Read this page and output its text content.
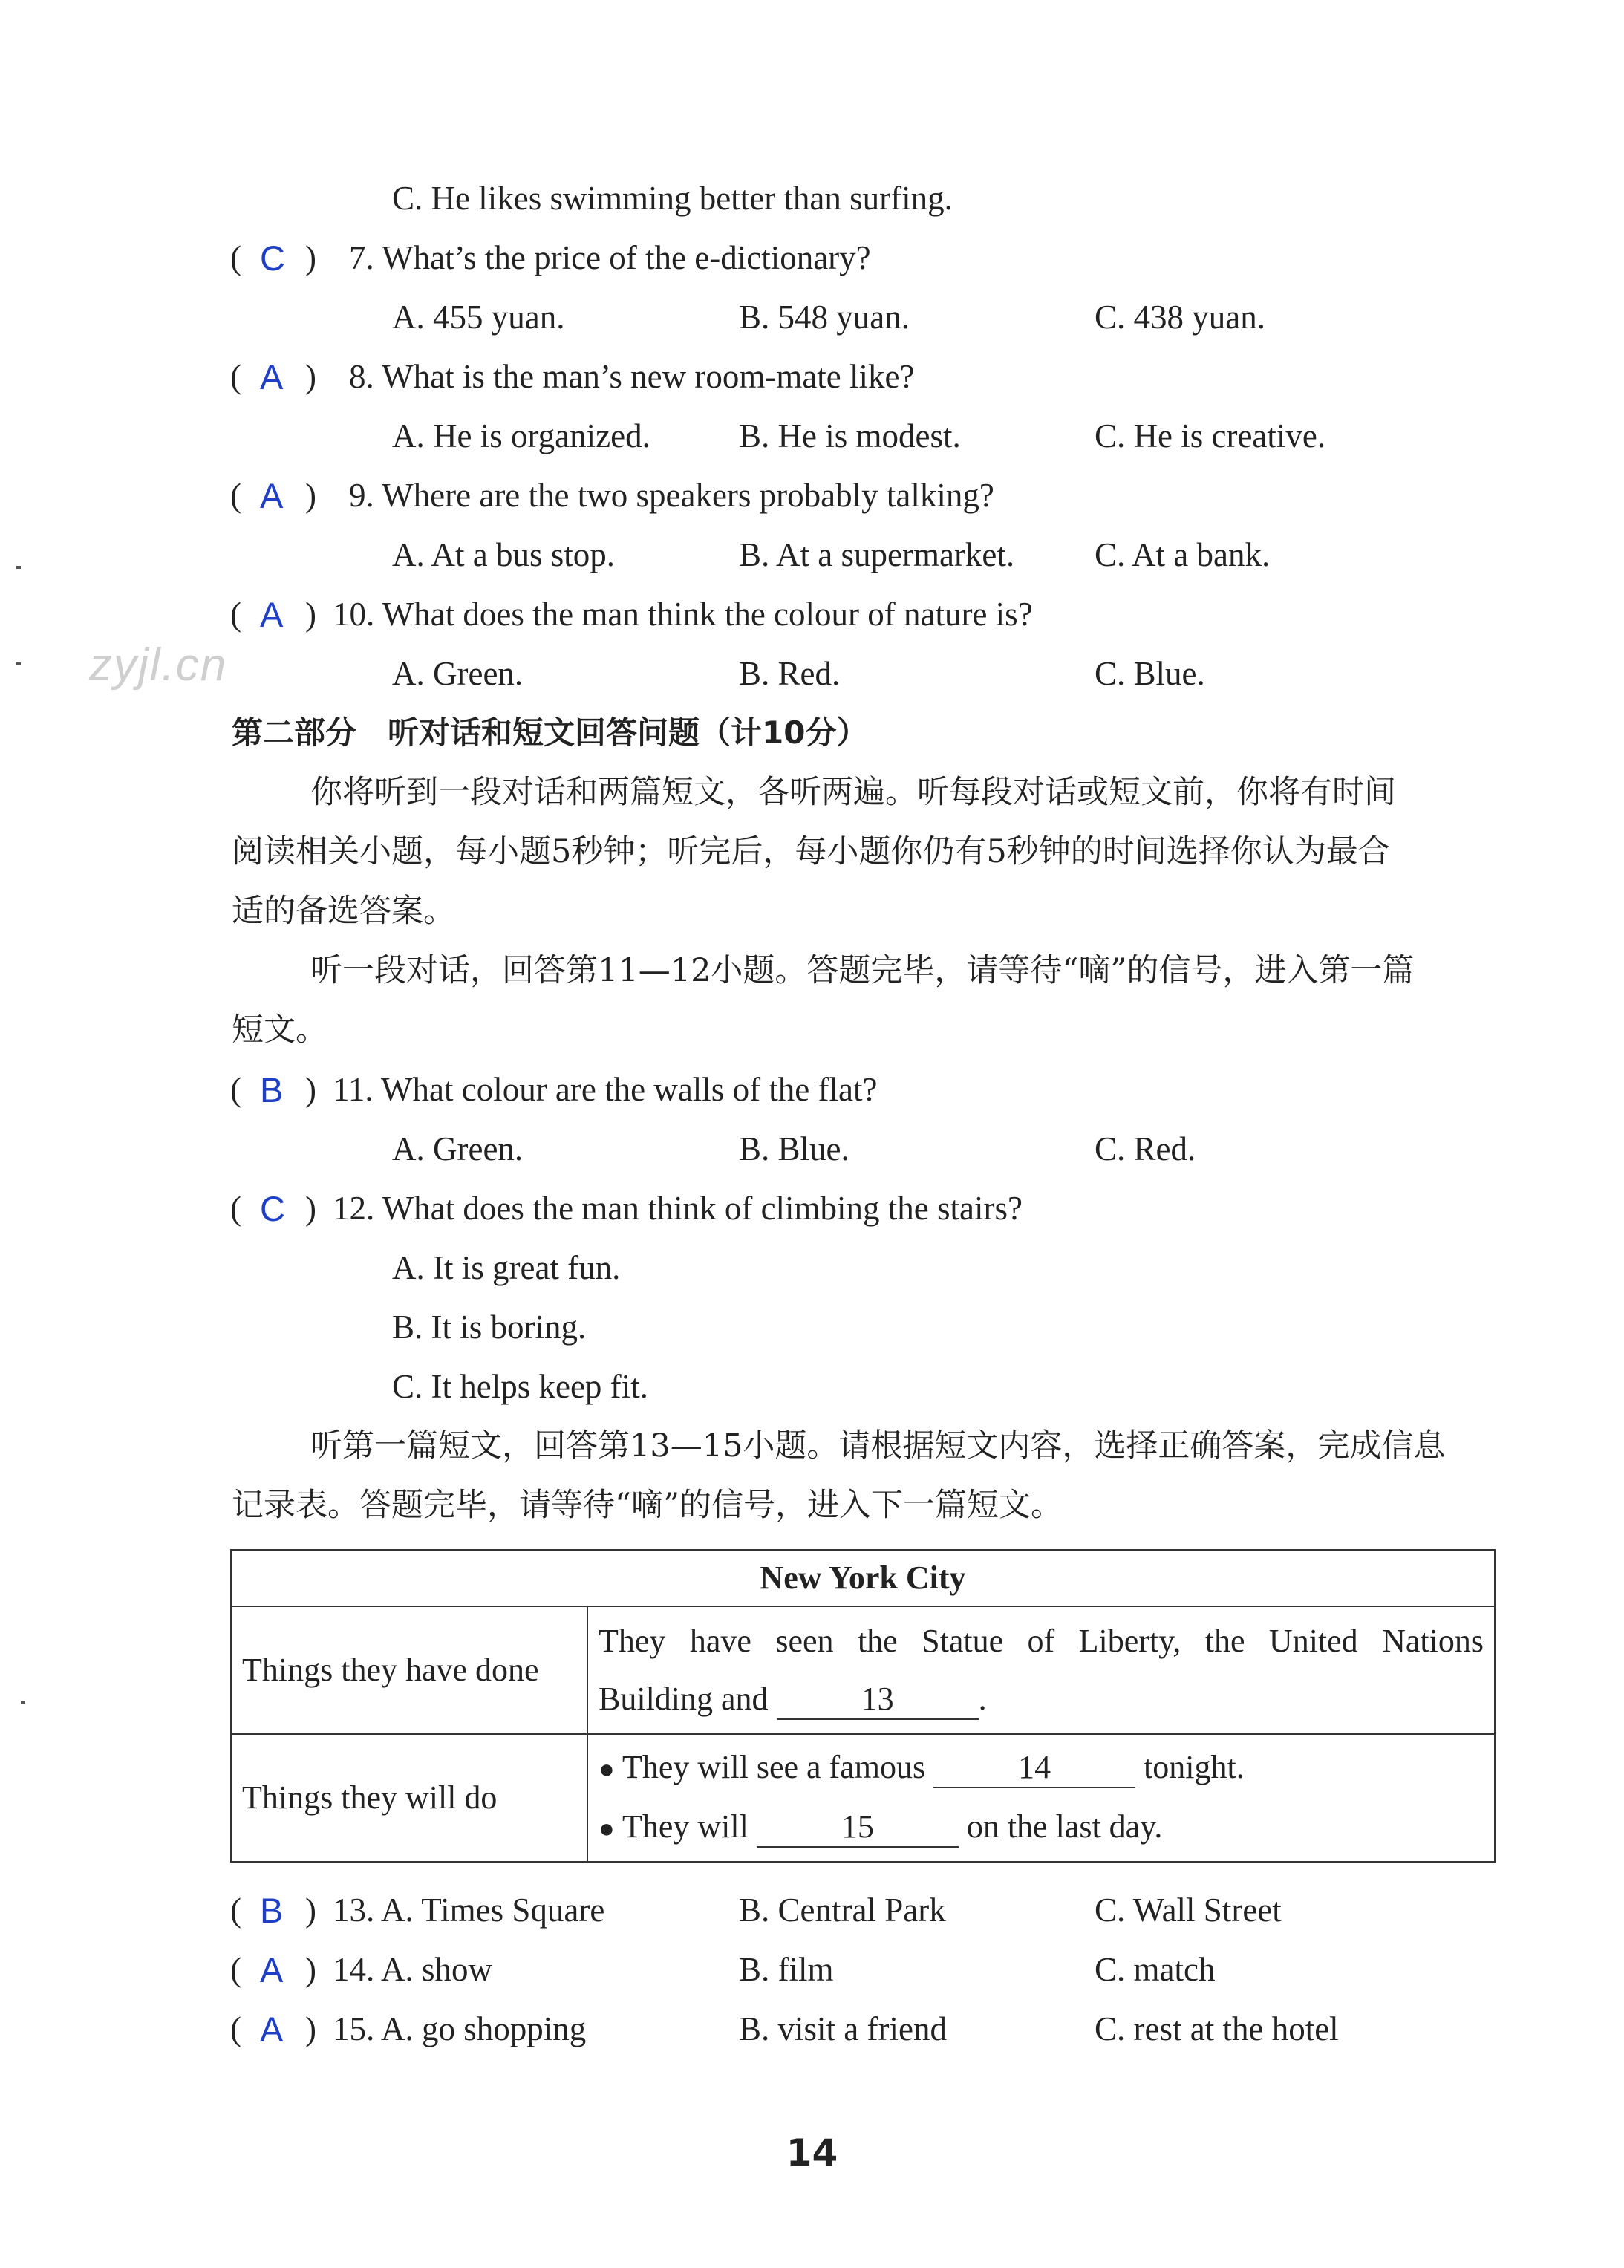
zyjl.cn
C. He likes swimming better than surfing.
( )
C 7. What’s the price of the e-dictionary?
A. 455 yuan.	B. 548 yuan.	C. 438 yuan.
( )
A 8. What is the man’s new room-mate like?
A. He is organized.	B. He is modest.	C. He is creative.
( )
A 9. Where are the two speakers probably talking?
A. At a bus stop.	B. At a supermarket. C. At a bank.
( )
A 10. What does the man think the colour of nature is?
A. Green.	B. Red.	C. Blue.
第二部分　听对话和短文回答问题（计10分）
你将听到一段对话和两篇短文，各听两遍。听每段对话或短文前，你将有时间
阅读相关小题，每小题5秒钟；听完后，每小题你仍有5秒钟的时间选择你认为最合
适的备选答案。
听一段对话，回答第11—12小题。答题完毕，请等待“嘀”的信号，进入第一篇
短文。
( )
B 11. What colour are the walls of the flat?
A. Green.	B. Blue.	C. Red.
( )
C 12. What does the man think of climbing the stairs?
A. It is great fun.
B. It is boring.
C. It helps keep fit.
听第一篇短文，回答第13—15小题。请根据短文内容，选择正确答案，完成信息
记录表。答题完毕，请等待“嘀”的信号，进入下一篇短文。
New York City	
Things they have done	They have seen the Statue of Liberty, the United Nations
Building and 13 .

Things they will do	● They will see a famous 14 tonight.
● They will 15 on the last day.
( )
B 13. A. Times Square	B. Central Park	C. Wall Street
( )
A 14. A. show	B. film	C. match
( )
A 15. A. go shopping	B. visit a friend	C. rest at the hotel
14
